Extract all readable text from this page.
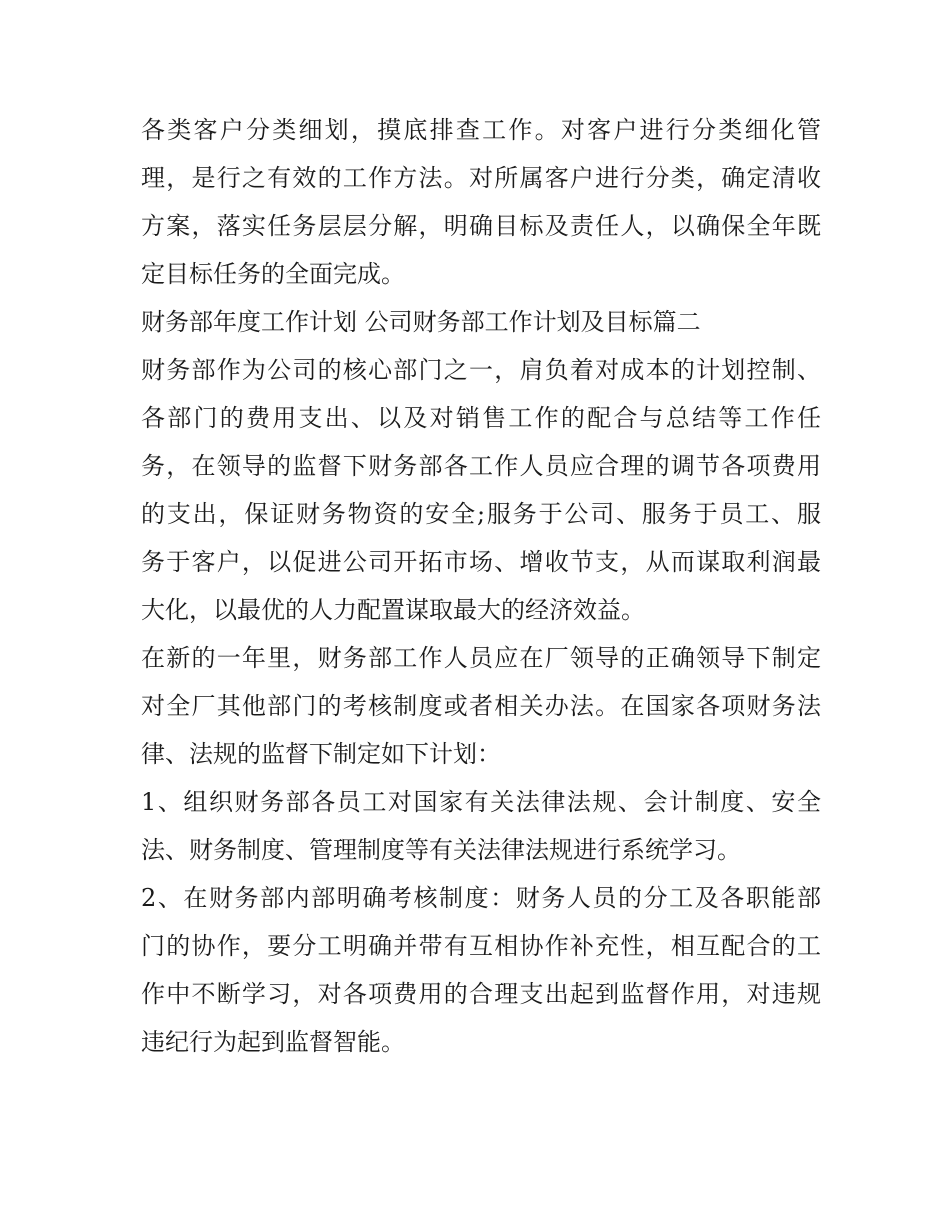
各类客户分类细划，摸底排查工作。对客户进行分类细化管
理，是行之有效的工作方法。对所属客户进行分类，确定清收
方案，落实任务层层分解，明确目标及责任人，以确保全年既
定目标任务的全面完成。
财务部年度工作计划 公司财务部工作计划及目标篇二
财务部作为公司的核心部门之一，肩负着对成本的计划控制、
各部门的费用支出、以及对销售工作的配合与总结等工作任
务，在领导的监督下财务部各工作人员应合理的调节各项费用
的支出，保证财务物资的安全;服务于公司、服务于员工、服
务于客户，以促进公司开拓市场、增收节支，从而谋取利润最
大化，以最优的人力配置谋取最大的经济效益。
在新的一年里，财务部工作人员应在厂领导的正确领导下制定
对全厂其他部门的考核制度或者相关办法。在国家各项财务法
律、法规的监督下制定如下计划：
1、组织财务部各员工对国家有关法律法规、会计制度、安全
法、财务制度、管理制度等有关法律法规进行系统学习。
2、在财务部内部明确考核制度：财务人员的分工及各职能部
门的协作，要分工明确并带有互相协作补充性，相互配合的工
作中不断学习，对各项费用的合理支出起到监督作用，对违规
违纪行为起到监督智能。
